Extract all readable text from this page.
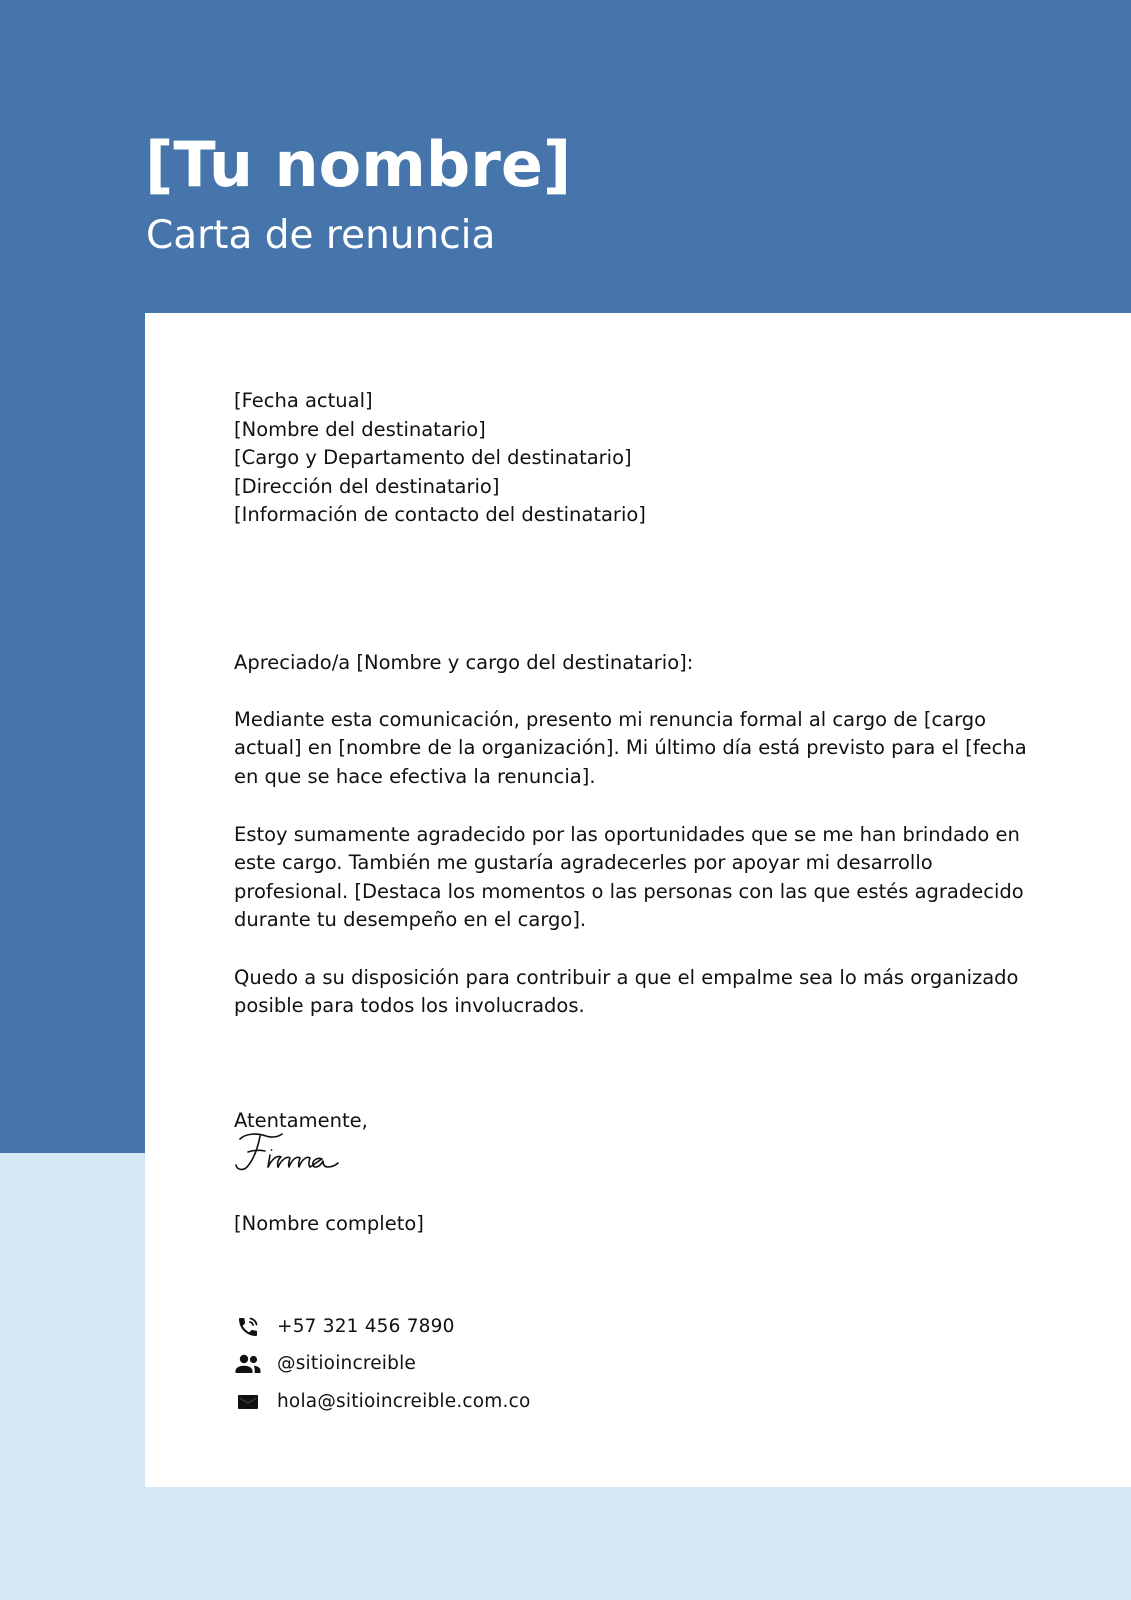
[Tu nombre]
Carta de renuncia
[Fecha actual]
[Nombre del destinatario]
[Cargo y Departamento del destinatario]
[Dirección del destinatario]
[Información de contacto del destinatario]

Apreciado/a [Nombre y cargo del destinatario]:

Mediante esta comunicación, presento mi renuncia formal al cargo de [cargo actual] en [nombre de la organización]. Mi último día está previsto para el [fecha en que se hace efectiva la renuncia].

Estoy sumamente agradecido por las oportunidades que se me han brindado en este cargo. También me gustaría agradecerles por apoyar mi desarrollo profesional. [Destaca los momentos o las personas con las que estés agradecido durante tu desempeño en el cargo].

Quedo a su disposición para contribuir a que el empalme sea lo más organizado posible para todos los involucrados.

Atentamente,

[Nombre completo]

+57 321 456 7890
@sitioincreible
hola@sitioincreible.com.co
